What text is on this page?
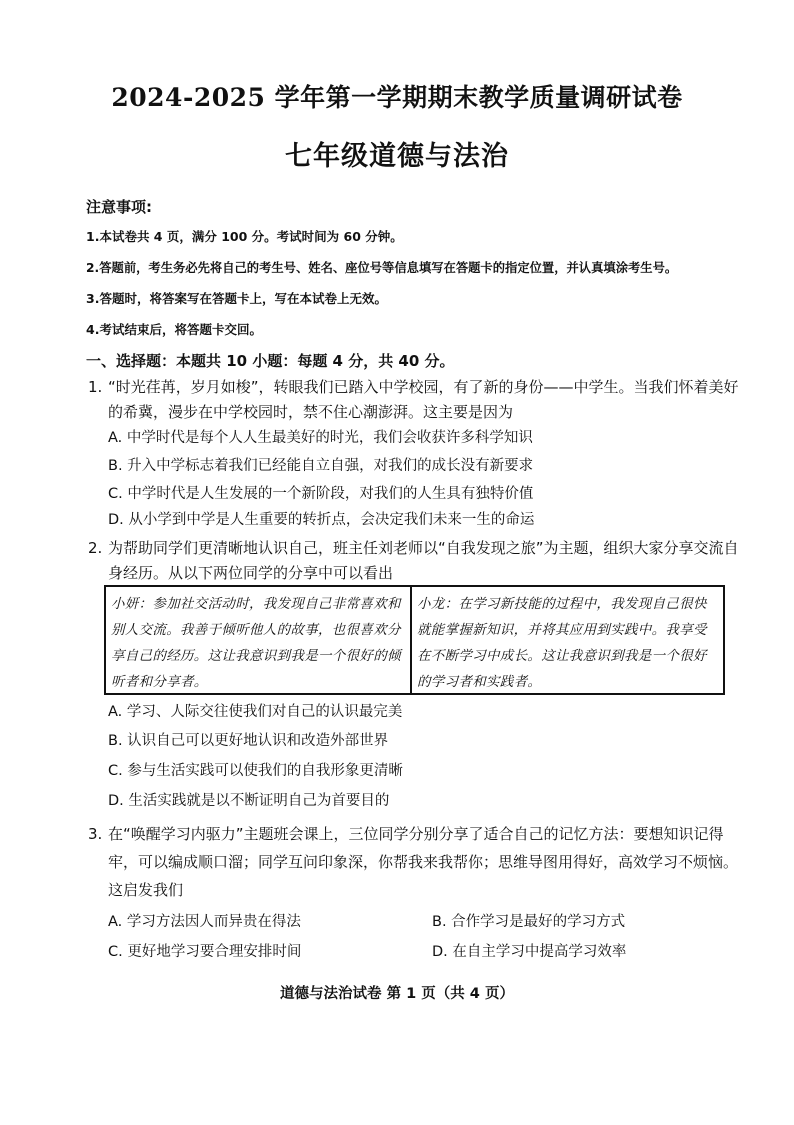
2024-2025 学年第一学期期末教学质量调研试卷
七年级道德与法治
注意事项:
1.本试卷共 4 页，满分 100 分。考试时间为 60 分钟。
2.答题前，考生务必先将自己的考生号、姓名、座位号等信息填写在答题卡的指定位置，并认真填涂考生号。
3.答题时，将答案写在答题卡上，写在本试卷上无效。
4.考试结束后，将答题卡交回。
一、选择题：本题共 10 小题：每题 4 分，共 40 分。
1. “时光荏苒，岁月如梭”，转眼我们已踏入中学校园，有了新的身份——中学生。当我们怀着美好的希冀，漫步在中学校园时，禁不住心潮澎湃。这主要是因为
A. 中学时代是每个人人生最美好的时光，我们会收获许多科学知识
B. 升入中学标志着我们已经能自立自强，对我们的成长没有新要求
C. 中学时代是人生发展的一个新阶段，对我们的人生具有独特价值
D. 从小学到中学是人生重要的转折点，会决定我们未来一生的命运
2. 为帮助同学们更清晰地认识自己，班主任刘老师以“自我发现之旅”为主题，组织大家分享交流自身经历。从以下两位同学的分享中可以看出
小妍：参加社交活动时，我发现自己非常喜欢和别人交流。我善于倾听他人的故事，也很喜欢分享自己的经历。这让我意识到我是一个很好的倾听者和分享者。
小龙：在学习新技能的过程中，我发现自己很快就能掌握新知识，并将其应用到实践中。我享受在不断学习中成长。这让我意识到我是一个很好的学习者和实践者。
A. 学习、人际交往使我们对自己的认识最完美
B. 认识自己可以更好地认识和改造外部世界
C. 参与生活实践可以使我们的自我形象更清晰
D. 生活实践就是以不断证明自己为首要目的
3. 在“唤醒学习内驱力”主题班会课上，三位同学分别分享了适合自己的记忆方法：要想知识记得牢，可以编成顺口溜；同学互问印象深，你帮我来我帮你；思维导图用得好，高效学习不烦恼。这启发我们
A. 学习方法因人而异贵在得法	B. 合作学习是最好的学习方式
C. 更好地学习要合理安排时间	D. 在自主学习中提高学习效率
道德与法治试卷 第 1 页（共 4 页）
